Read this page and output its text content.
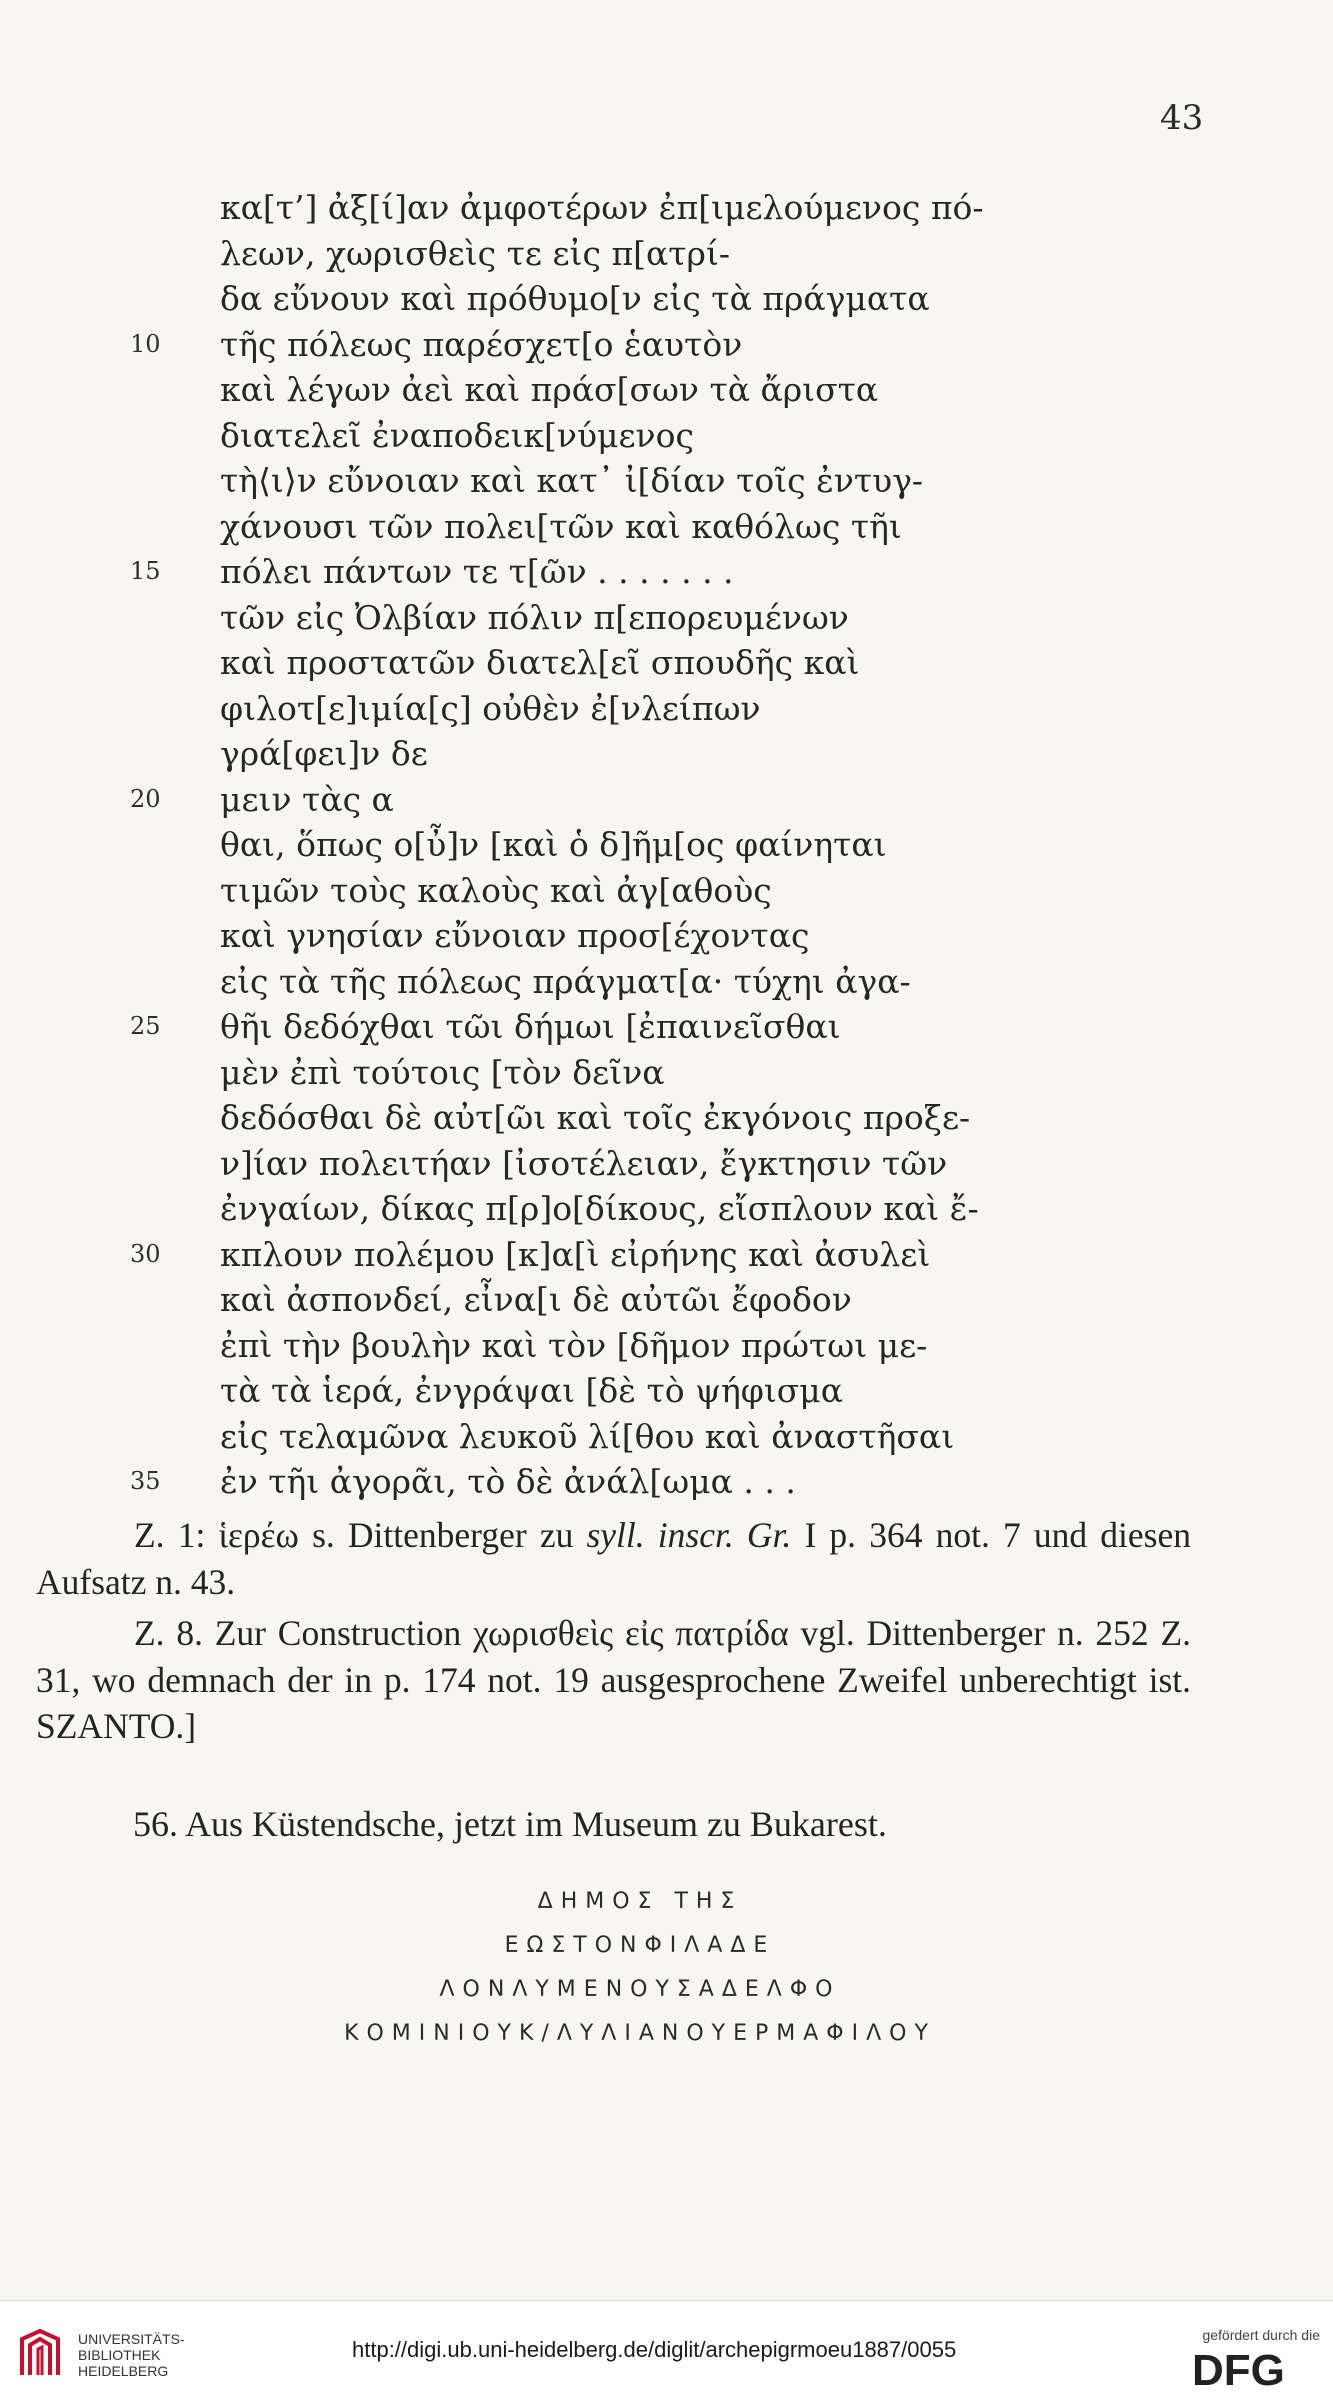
43
κα[τ’] ἀξ[ί]αν ἀμφοτέρων ἐπ[ιμελούμενος πό-
λεων, χωρισθεὶς τε εἰς π[ατρί-
δα εὔνουν καὶ πρόθυμο[ν εἰς τὰ πράγματα
10	τῆς πόλεως παρέσχετ[ο ἑαυτὸν
καὶ λέγων ἀεὶ καὶ πράσ[σων τὰ ἄριστα
διατελεῖ ἐναποδεικ[νύμενος
τὴ⟨ι⟩ν εὔνοιαν καὶ κατ᾽ ἰ[δίαν τοῖς ἐντυγ-
χάνουσι τῶν πολει[τῶν καὶ καθόλως τῆι
15	πόλει πάντων τε τ[ῶν . . . . . . .
τῶν εἰς Ὀλβίαν πόλιν π[επορευμένων
καὶ προστατῶν διατελ[εῖ σπουδῆς καὶ
φιλοτ[ε]ιμία[ς] οὐθὲν ἐ[νλείπων
γρά[φει]ν δε
20	μειν τὰς α
θαι, ὅπως ο[ὖ]ν [καὶ ὁ δ]ῆμ[ος φαίνηται
τιμῶν τοὺς καλοὺς καὶ ἀγ[αθοὺς
καὶ γνησίαν εὔνοιαν προσ[έχοντας
εἰς τὰ τῆς πόλεως πράγματ[α· τύχηι ἀγα-
25	θῆι δεδόχθαι τῶι δήμωι [ἐπαινεῖσθαι
μὲν ἐπὶ τούτοις [τὸν δεῖνα
δεδόσθαι δὲ αὐτ[ῶι καὶ τοῖς ἐκγόνοις προξε-
ν]ίαν πολειτήαν [ἰσοτέλειαν, ἔγκτησιν τῶν
ἐνγαίων, δίκας π[ρ]ο[δίκους, εἴσπλουν καὶ ἔ-
30	κπλουν πολέμου [κ]α[ὶ εἰρήνης καὶ ἀσυλεὶ
καὶ ἀσπονδεί, εἶνα[ι δὲ αὐτῶι ἔφοδον
ἐπὶ τὴν βουλὴν καὶ τὸν [δῆμον πρώτωι με-
τὰ τὰ ἱερά, ἐνγράψαι [δὲ τὸ ψήφισμα
εἰς τελαμῶνα λευκοῦ λί[θου καὶ ἀναστῆσαι
35	ἐν τῆι ἀγορᾶι, τὸ δὲ ἀνάλ[ωμα . . .

Z. 1: ἱερέω s. Dittenberger zu syll. inscr. Gr. I p. 364 not. 7 und diesen Aufsatz n. 43.

Z. 8. Zur Construction χωρισθεὶς εἰς πατρίδα vgl. Dittenberger n. 252 Z. 31, wo demnach der in p. 174 not. 19 ausgesprochene Zweifel unberechtigt ist. SZANTO.]

56. Aus Küstendsche, jetzt im Museum zu Bukarest.
ΔΗΜΟΣ ΤΗΣ
ΕΩΣΤΟΝΦΙΛΑΔΕ
ΛΟΝΛΥΜΕΝΟΥΣΑΔΕΛΦΟ
ΚΟΜΙΝΙΟΥΚ/ΛΥΛΙΑΝΟΥΕΡΜΑΦΙΛΟΥ
UNIVERSITÄTS-
BIBLIOTHEK
HEIDELBERG
http://digi.ub.uni-heidelberg.de/diglit/archepigrmoeu1887/0055
gefördert durch die
DFG
